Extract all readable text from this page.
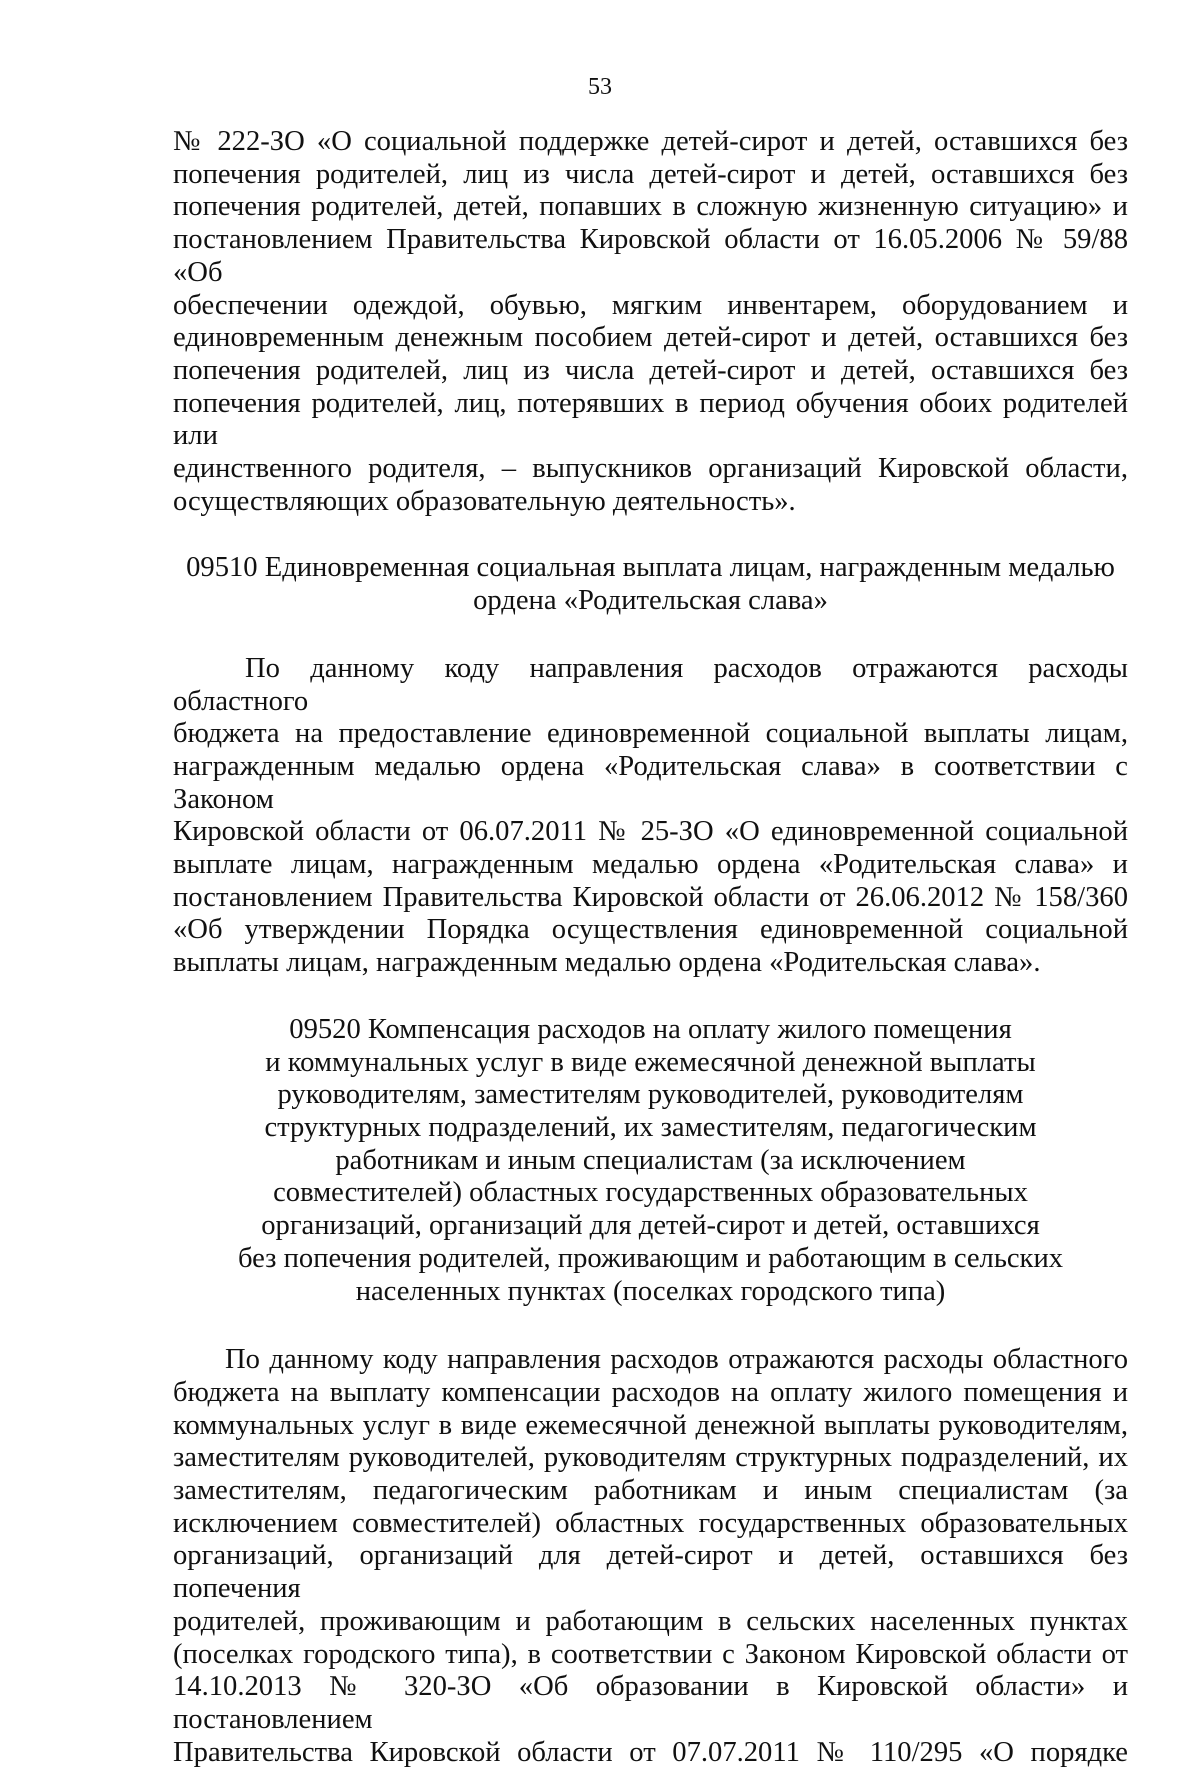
53

№ 222-ЗО «О социальной поддержке детей-сирот и детей, оставшихся без
попечения родителей, лиц из числа детей-сирот и детей, оставшихся без
попечения родителей, детей, попавших в сложную жизненную ситуацию» и
постановлением Правительства Кировской области от 16.05.2006 № 59/88 «Об
обеспечении одеждой, обувью, мягким инвентарем, оборудованием и
единовременным денежным пособием детей-сирот и детей, оставшихся без
попечения родителей, лиц из числа детей-сирот и детей, оставшихся без
попечения родителей, лиц, потерявших в период обучения обоих родителей или
единственного родителя, – выпускников организаций Кировской области,
осуществляющих образовательную деятельность».

09510 Единовременная социальная выплата лицам, награжденным медалью
ордена «Родительская слава»

По данному коду направления расходов отражаются расходы областного
бюджета на предоставление единовременной социальной выплаты лицам,
награжденным медалью ордена «Родительская слава» в соответствии с Законом
Кировской области от 06.07.2011 № 25-ЗО «О единовременной социальной
выплате лицам, награжденным медалью ордена «Родительская слава» и
постановлением Правительства Кировской области от 26.06.2012 № 158/360
«Об утверждении Порядка осуществления единовременной социальной
выплаты лицам, награжденным медалью ордена «Родительская слава».

09520 Компенсация расходов на оплату жилого помещения
и коммунальных услуг в виде ежемесячной денежной выплаты
руководителям, заместителям руководителей, руководителям
структурных подразделений, их заместителям, педагогическим
работникам и иным специалистам (за исключением
совместителей) областных государственных образовательных
организаций, организаций для детей-сирот и детей, оставшихся
без попечения родителей, проживающим и работающим в сельских
населенных пунктах (поселках городского типа)

По данному коду направления расходов отражаются расходы областного
бюджета на выплату компенсации расходов на оплату жилого помещения и
коммунальных услуг в виде ежемесячной денежной выплаты руководителям,
заместителям руководителей, руководителям структурных подразделений, их
заместителям, педагогическим работникам и иным специалистам (за
исключением совместителей) областных государственных образовательных
организаций, организаций для детей-сирот и детей, оставшихся без попечения
родителей, проживающим и работающим в сельских населенных пунктах
(поселках городского типа), в соответствии с Законом Кировской области от
14.10.2013 № 320-ЗО «Об образовании в Кировской области» и постановлением
Правительства Кировской области от 07.07.2011 № 110/295 «О порядке
